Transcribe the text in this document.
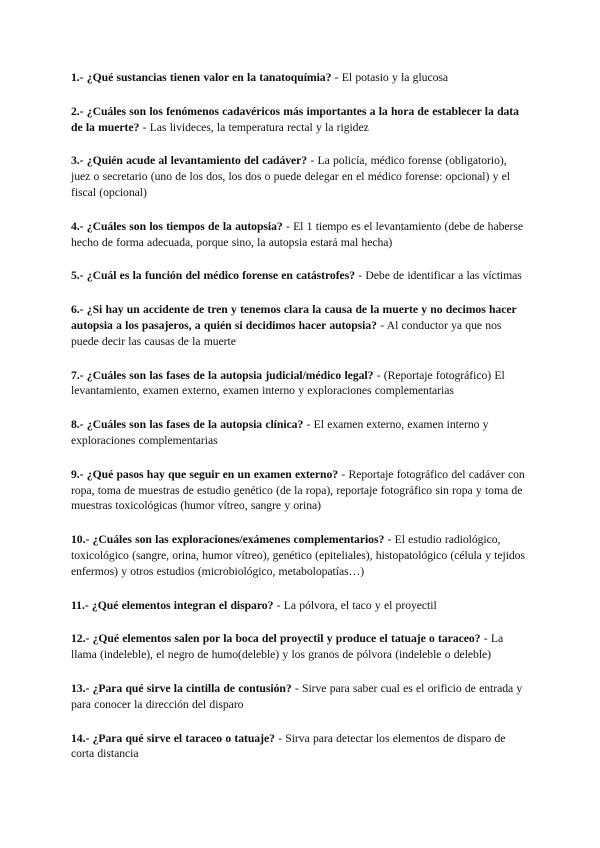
1.- ¿Qué sustancias tienen valor en la tanatoquímia? - El potasio y la glucosa
2.- ¿Cuáles son los fenómenos cadavéricos más importantes a la hora de establecer la data de la muerte? - Las livideces, la temperatura rectal y la rigidez
3.- ¿Quién acude al levantamiento del cadáver? - La policía, médico forense (obligatorio), juez o secretario (uno de los dos, los dos o puede delegar en el médico forense: opcional) y el fiscal (opcional)
4.- ¿Cuáles son los tiempos de la autopsia? - El 1 tiempo es el levantamiento (debe de haberse hecho de forma adecuada, porque sino, la autopsia estará mal hecha)
5.- ¿Cuál es la función del médico forense en catástrofes? - Debe de identificar a las víctimas
6.- ¿Si hay un accidente de tren y tenemos clara la causa de la muerte y no decimos hacer autopsia a los pasajeros, a quién si decidimos hacer autopsia? - Al conductor ya que nos puede decir las causas de la muerte
7.- ¿Cuáles son las fases de la autopsia judicial/médico legal? - (Reportaje fotográfico) El levantamiento, examen externo, examen interno y exploraciones complementarias
8.- ¿Cuáles son las fases de la autopsia clínica? - El examen externo, examen interno y exploraciones complementarias
9.- ¿Qué pasos hay que seguir en un examen externo? - Reportaje fotográfico del cadáver con ropa, toma de muestras de estudio genético (de la ropa), reportaje fotográfico sin ropa y toma de muestras toxicológicas (humor vítreo, sangre y orina)
10.- ¿Cuáles son las exploraciones/exámenes complementarios? - El estudio radiológico, toxicológico (sangre, orina, humor vítreo), genético (epiteliales), histopatológico (célula y tejidos enfermos) y otros estudios (microbiológico, metabolopatías…)
11.- ¿Qué elementos integran el disparo? - La pólvora, el taco y el proyectil
12.- ¿Qué elementos salen por la boca del proyectil y produce el tatuaje o taraceo? - La llama (indeleble), el negro de humo(deleble) y los granos de pólvora (indeleble o deleble)
13.- ¿Para qué sirve la cintilla de contusión? - Sirve para saber cual es el orificio de entrada y para conocer la dirección del disparo
14.- ¿Para qué sirve el taraceo o tatuaje? - Sirva para detectar los elementos de disparo de corta distancia
